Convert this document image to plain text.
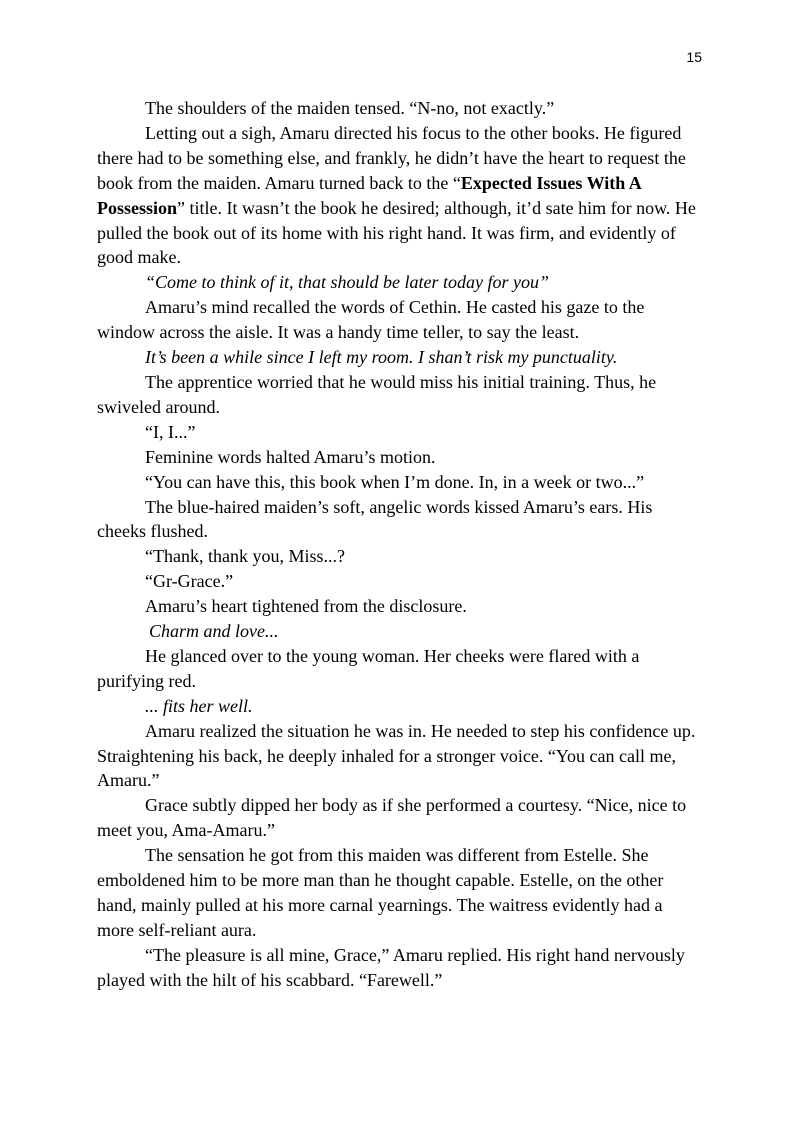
15

The shoulders of the maiden tensed. “N-no, not exactly.”

Letting out a sigh, Amaru directed his focus to the other books. He figured there had to be something else, and frankly, he didn’t have the heart to request the book from the maiden. Amaru turned back to the “Expected Issues With A Possession” title. It wasn’t the book he desired; although, it’d sate him for now. He pulled the book out of its home with his right hand. It was firm, and evidently of good make.

“Come to think of it, that should be later today for you”

Amaru’s mind recalled the words of Cethin. He casted his gaze to the window across the aisle. It was a handy time teller, to say the least.

It’s been a while since I left my room. I shan’t risk my punctuality.

The apprentice worried that he would miss his initial training. Thus, he swiveled around.

“I, I...”

Feminine words halted Amaru’s motion.

“You can have this, this book when I’m done. In, in a week or two...”

The blue-haired maiden’s soft, angelic words kissed Amaru’s ears. His cheeks flushed.

“Thank, thank you, Miss...?

“Gr-Grace.”

Amaru’s heart tightened from the disclosure.

Charm and love...

He glanced over to the young woman. Her cheeks were flared with a purifying red.

... fits her well.

Amaru realized the situation he was in. He needed to step his confidence up. Straightening his back, he deeply inhaled for a stronger voice. “You can call me, Amaru.”

Grace subtly dipped her body as if she performed a courtesy. “Nice, nice to meet you, Ama-Amaru.”

The sensation he got from this maiden was different from Estelle. She emboldened him to be more man than he thought capable. Estelle, on the other hand, mainly pulled at his more carnal yearnings. The waitress evidently had a more self-reliant aura.

“The pleasure is all mine, Grace,” Amaru replied. His right hand nervously played with the hilt of his scabbard. “Farewell.”
